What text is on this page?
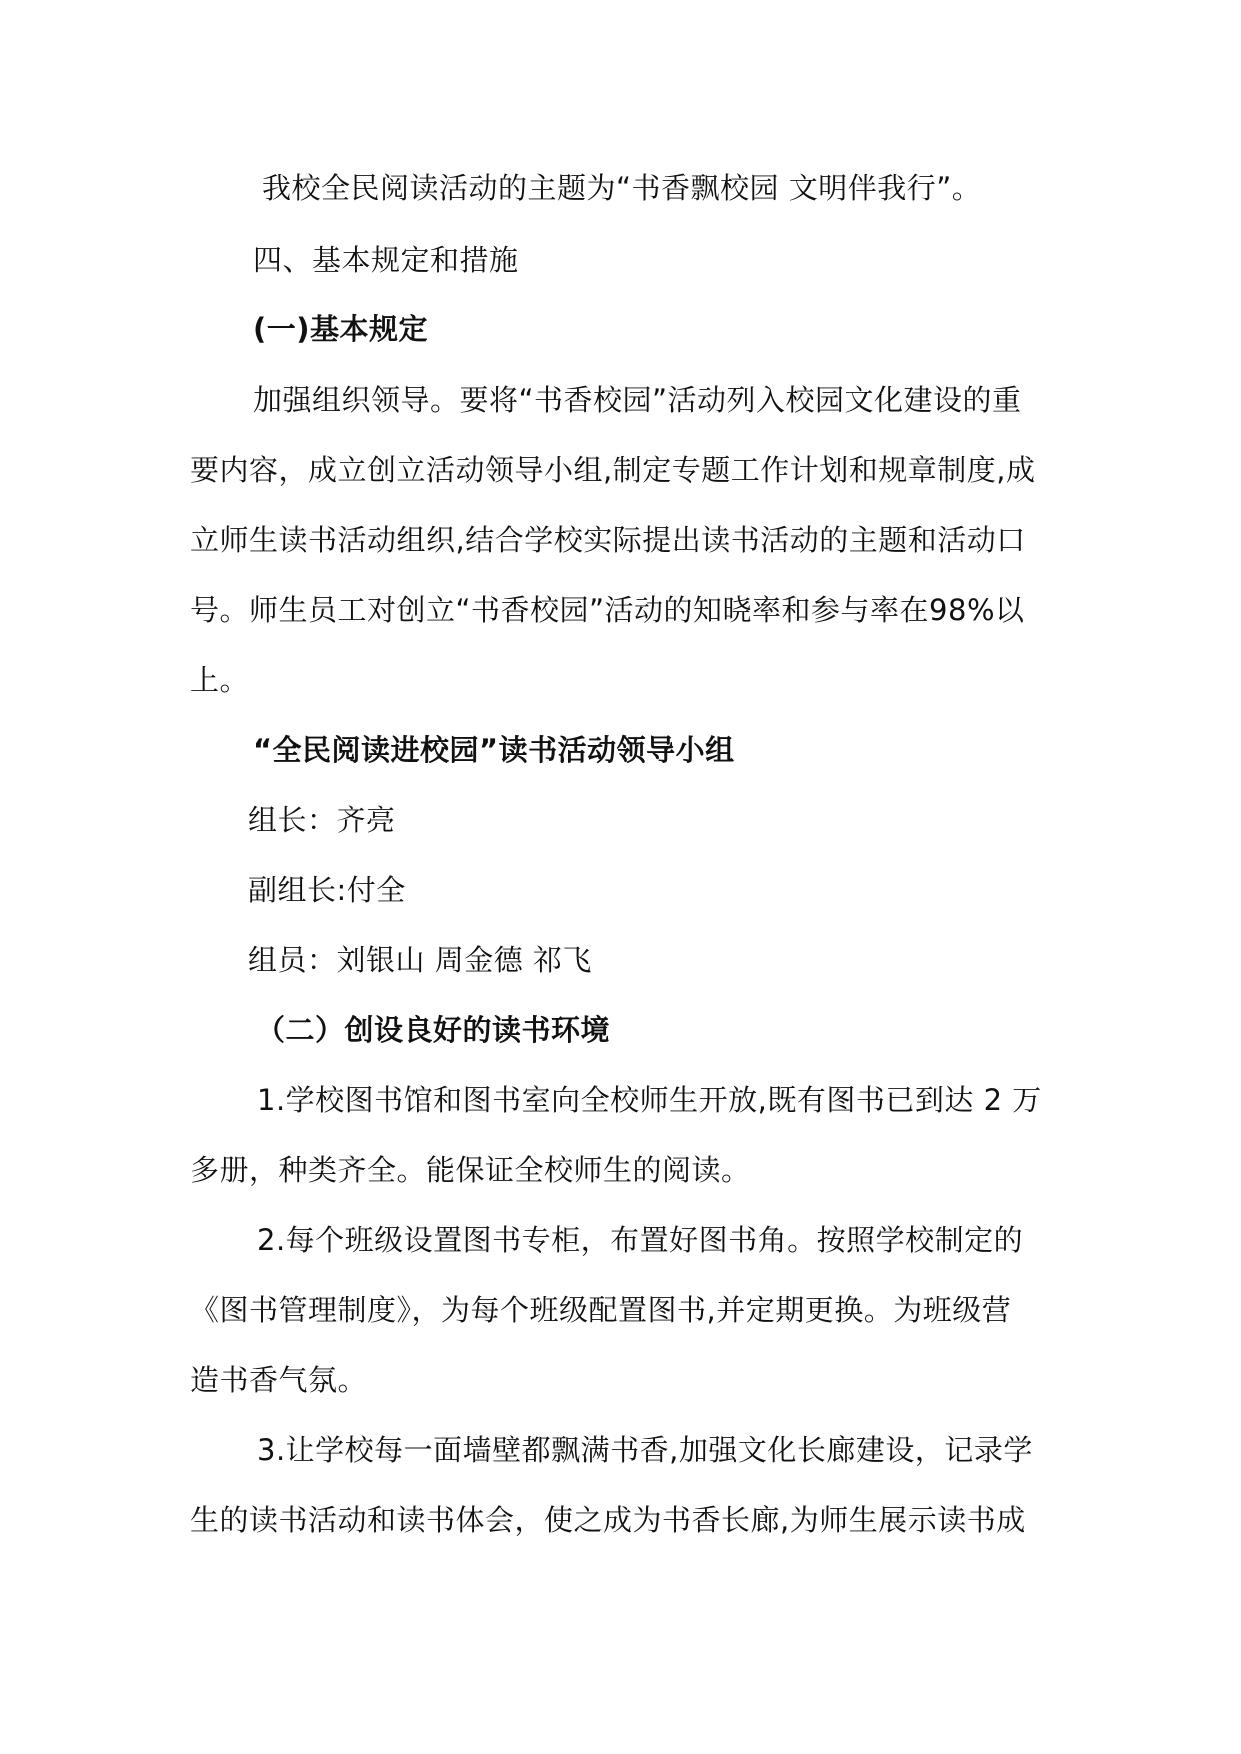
我校全民阅读活动的主题为“书香飘校园 文明伴我行”。
四、基本规定和措施
(一)基本规定
加强组织领导。要将“书香校园”活动列入校园文化建设的重
要内容，成立创立活动领导小组,制定专题工作计划和规章制度,成
立师生读书活动组织,结合学校实际提出读书活动的主题和活动口
号。师生员工对创立“书香校园”活动的知晓率和参与率在98%以
上。
“全民阅读进校园”读书活动领导小组
组长：齐亮
副组长:付全
组员：刘银山 周金德 祁飞
（二）创设良好的读书环境
1.学校图书馆和图书室向全校师生开放,既有图书已到达 2 万
多册，种类齐全。能保证全校师生的阅读。
2.每个班级设置图书专柜，布置好图书角。按照学校制定的
《图书管理制度》，为每个班级配置图书,并定期更换。为班级营
造书香气氛。
3.让学校每一面墙壁都飘满书香,加强文化长廊建设，记录学
生的读书活动和读书体会，使之成为书香长廊,为师生展示读书成
